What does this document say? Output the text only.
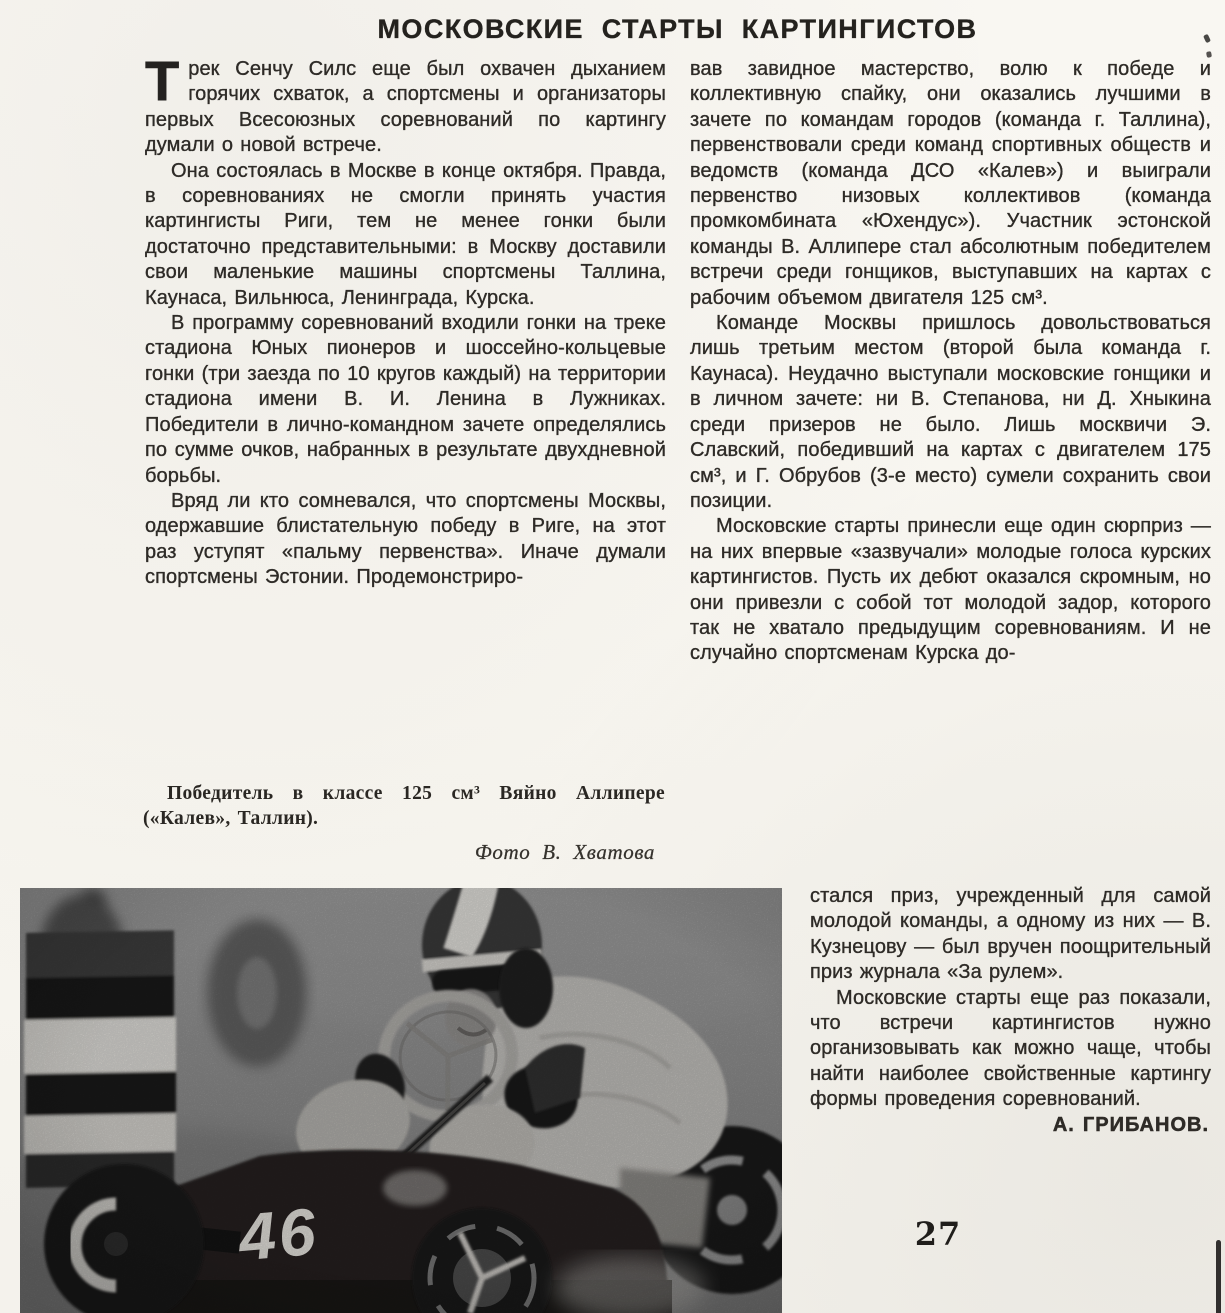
МОСКОВСКИЕ СТАРТЫ КАРТИНГИСТОВ

Трек Сенчу Силс еще был охвачен дыханием горячих схваток, а спортсмены и организаторы первых Всесоюзных соревнований по картингу думали о новой встрече.

Она состоялась в Москве в конце октября. Правда, в соревнованиях не смогли принять участия картингисты Риги, тем не менее гонки были достаточно представительными: в Москву доставили свои маленькие машины спортсмены Таллина, Каунаса, Вильнюса, Ленинграда, Курска.

В программу соревнований входили гонки на треке стадиона Юных пионеров и шоссейно-кольцевые гонки (три заезда по 10 кругов каждый) на территории стадиона имени В. И. Ленина в Лужниках. Победители в лично-командном зачете определялись по сумме очков, набранных в результате двухдневной борьбы.

Вряд ли кто сомневался, что спортсмены Москвы, одержавшие блистательную победу в Риге, на этот раз уступят «пальму первенства». Иначе думали спортсмены Эстонии. Продемонстриро-

Победитель в классе 125 см³ Вяйно Аллипере («Калев», Таллин).

Фото В. Хватова

вав завидное мастерство, волю к победе и коллективную спайку, они оказались лучшими в зачете по командам городов (команда г. Таллина), первенствовали среди команд спортивных обществ и ведомств (команда ДСО «Калев») и выиграли первенство низовых коллективов (команда промкомбината «Юхендус»). Участник эстонской команды В. Аллипере стал абсолютным победителем встречи среди гонщиков, выступавших на картах с рабочим объемом двигателя 125 см³.

Команде Москвы пришлось довольствоваться лишь третьим местом (второй была команда г. Каунаса). Неудачно выступали московские гонщики и в личном зачете: ни В. Степанова, ни Д. Хныкина среди призеров не было. Лишь москвичи Э. Славский, победивший на картах с двигателем 175 см³, и Г. Обрубов (3-е место) сумели сохранить свои позиции.

Московские старты принесли еще один сюрприз — на них впервые «зазвучали» молодые голоса курских картингистов. Пусть их дебют оказался скромным, но они привезли с собой тот молодой задор, которого так не хватало предыдущим соревнованиям. И не случайно спортсменам Курска до-

стался приз, учрежденный для самой молодой команды, а одному из них — В. Кузнецову — был вручен поощрительный приз журнала «За рулем».

Московские старты еще раз показали, что встречи картингистов нужно организовывать как можно чаще, чтобы найти наиболее свойственные картингу формы проведения соревнований.

А. ГРИБАНОВ.

27
